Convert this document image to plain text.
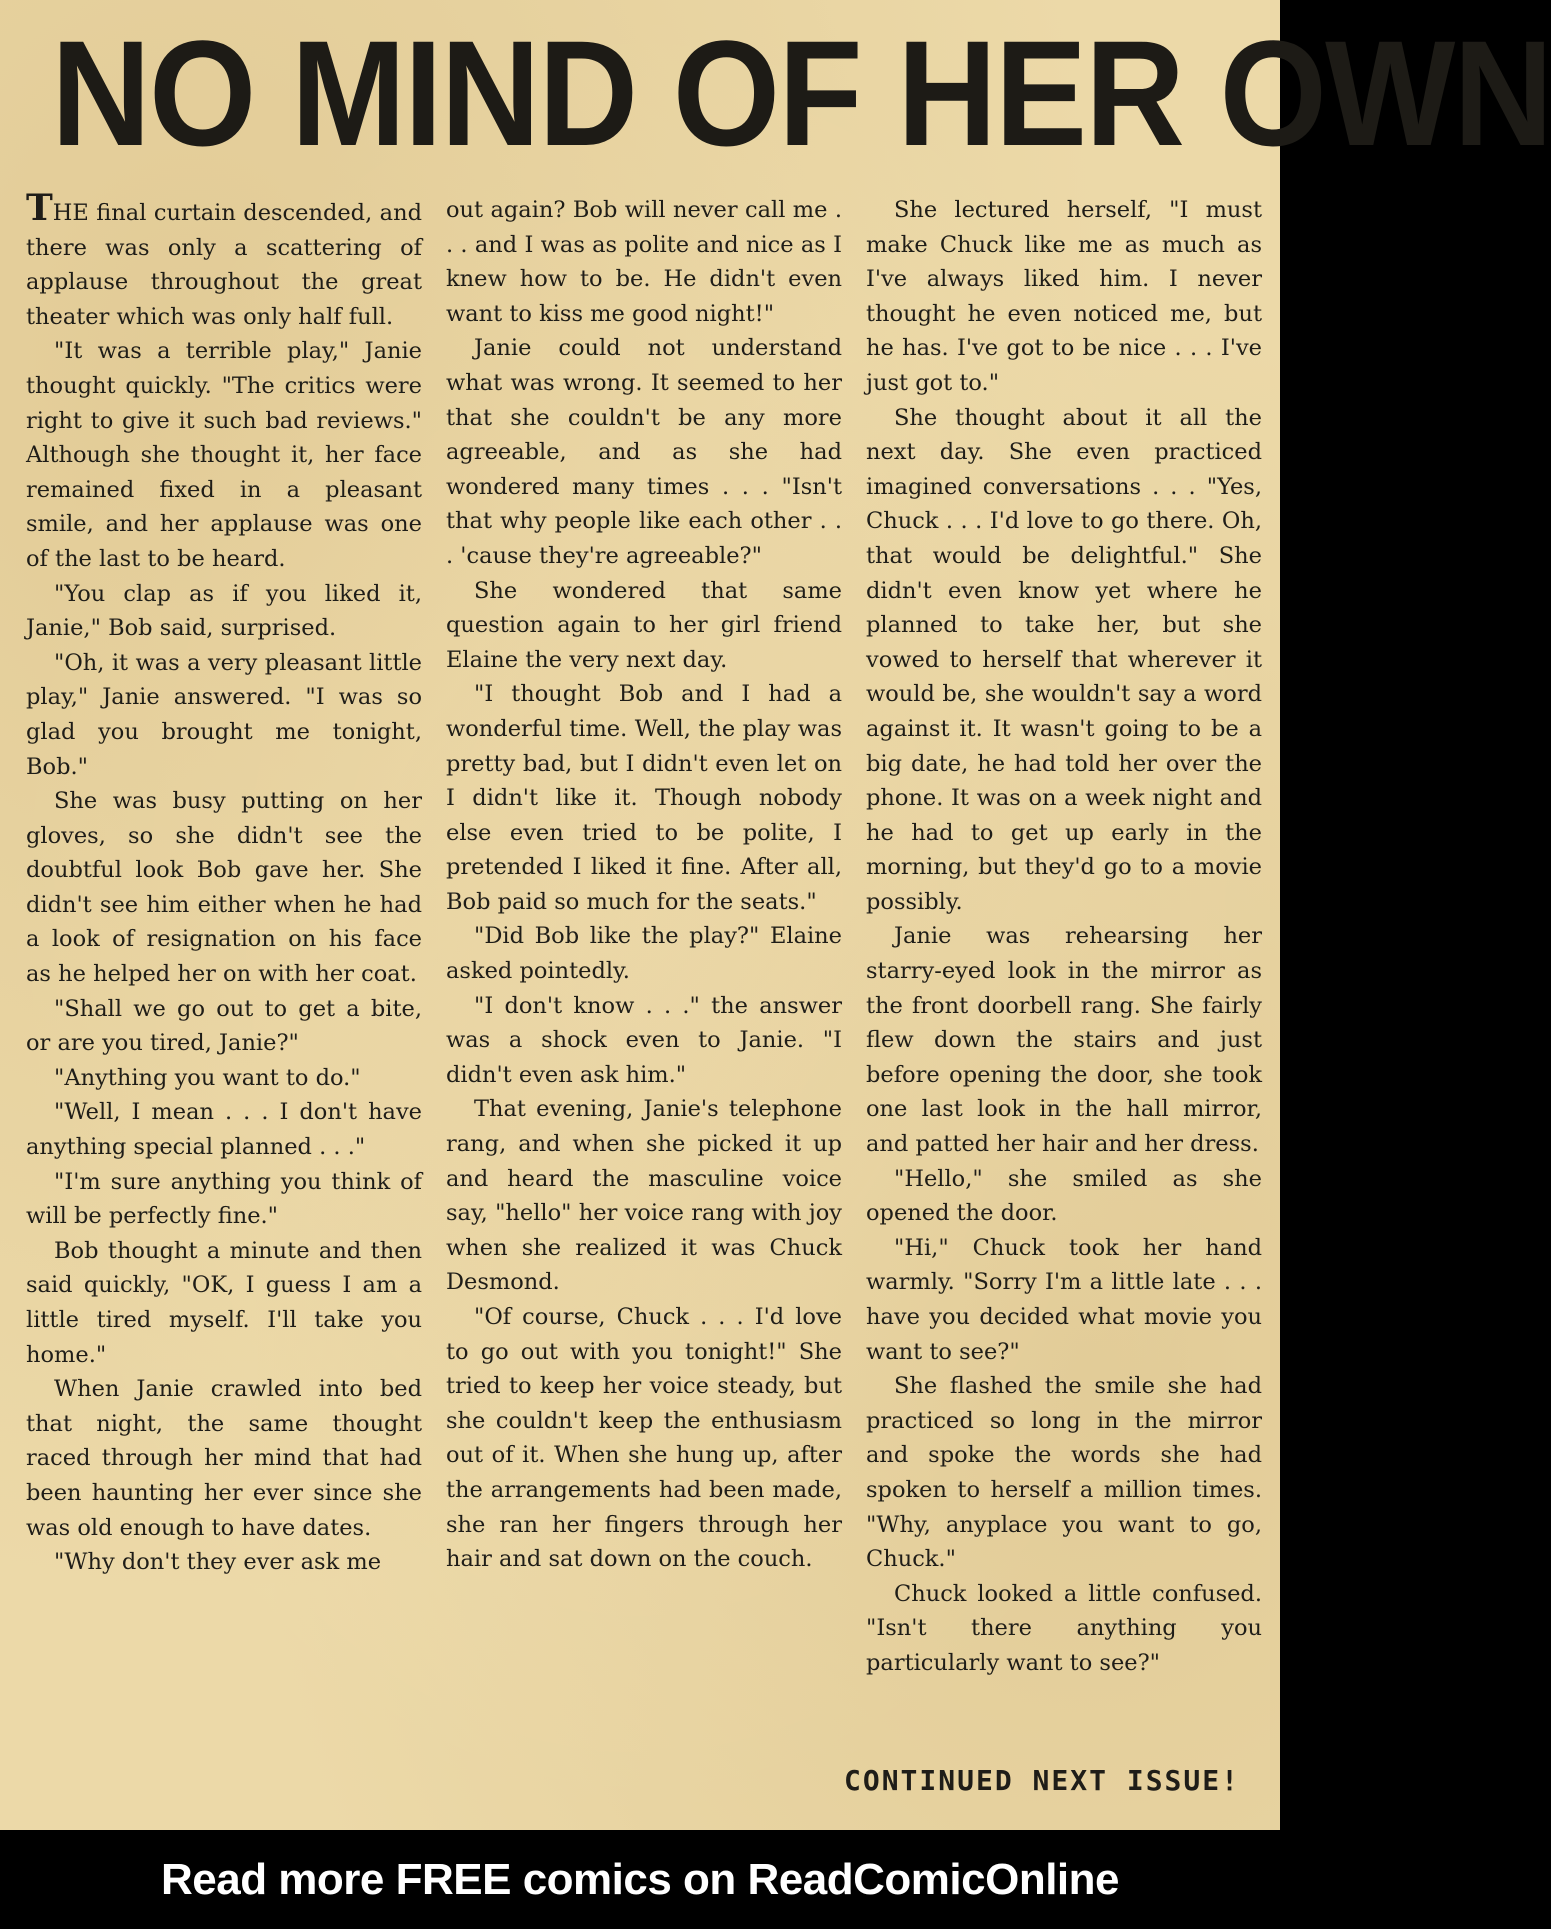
NO MIND OF HER OWN

THE final curtain descended, and there was only a scattering of applause throughout the great theater which was only half full.

"It was a terrible play," Janie thought quickly. "The critics were right to give it such bad reviews." Although she thought it, her face remained fixed in a pleasant smile, and her applause was one of the last to be heard.

"You clap as if you liked it, Janie," Bob said, surprised.

"Oh, it was a very pleasant little play," Janie answered. "I was so glad you brought me tonight, Bob."

She was busy putting on her gloves, so she didn't see the doubtful look Bob gave her. She didn't see him either when he had a look of resignation on his face as he helped her on with her coat.

"Shall we go out to get a bite, or are you tired, Janie?"

"Anything you want to do."

"Well, I mean . . . I don't have anything special planned . . ."

"I'm sure anything you think of will be perfectly fine."

Bob thought a minute and then said quickly, "OK, I guess I am a little tired myself. I'll take you home."

When Janie crawled into bed that night, the same thought raced through her mind that had been haunting her ever since she was old enough to have dates.

"Why don't they ever ask me

out again? Bob will never call me . . . and I was as polite and nice as I knew how to be. He didn't even want to kiss me good night!"

Janie could not understand what was wrong. It seemed to her that she couldn't be any more agreeable, and as she had wondered many times . . . "Isn't that why people like each other . . . 'cause they're agreeable?"

She wondered that same question again to her girl friend Elaine the very next day.

"I thought Bob and I had a wonderful time. Well, the play was pretty bad, but I didn't even let on I didn't like it. Though nobody else even tried to be polite, I pretended I liked it fine. After all, Bob paid so much for the seats."

"Did Bob like the play?" Elaine asked pointedly.

"I don't know . . ." the answer was a shock even to Janie. "I didn't even ask him."

That evening, Janie's telephone rang, and when she picked it up and heard the masculine voice say, "hello" her voice rang with joy when she realized it was Chuck Desmond.

"Of course, Chuck . . . I'd love to go out with you tonight!" She tried to keep her voice steady, but she couldn't keep the enthusiasm out of it. When she hung up, after the arrangements had been made, she ran her fingers through her hair and sat down on the couch.

She lectured herself, "I must make Chuck like me as much as I've always liked him. I never thought he even noticed me, but he has. I've got to be nice . . . I've just got to."

She thought about it all the next day. She even practiced imagined conversations . . . "Yes, Chuck . . . I'd love to go there. Oh, that would be delightful." She didn't even know yet where he planned to take her, but she vowed to herself that wherever it would be, she wouldn't say a word against it. It wasn't going to be a big date, he had told her over the phone. It was on a week night and he had to get up early in the morning, but they'd go to a movie possibly.

Janie was rehearsing her starry-eyed look in the mirror as the front doorbell rang. She fairly flew down the stairs and just before opening the door, she took one last look in the hall mirror, and patted her hair and her dress.

"Hello," she smiled as she opened the door.

"Hi," Chuck took her hand warmly. "Sorry I'm a little late . . . have you decided what movie you want to see?"

She flashed the smile she had practiced so long in the mirror and spoke the words she had spoken to herself a million times. "Why, anyplace you want to go, Chuck."

Chuck looked a little confused. "Isn't there anything you particularly want to see?"

CONTINUED NEXT ISSUE!
Read more FREE comics on ReadComicOnline
